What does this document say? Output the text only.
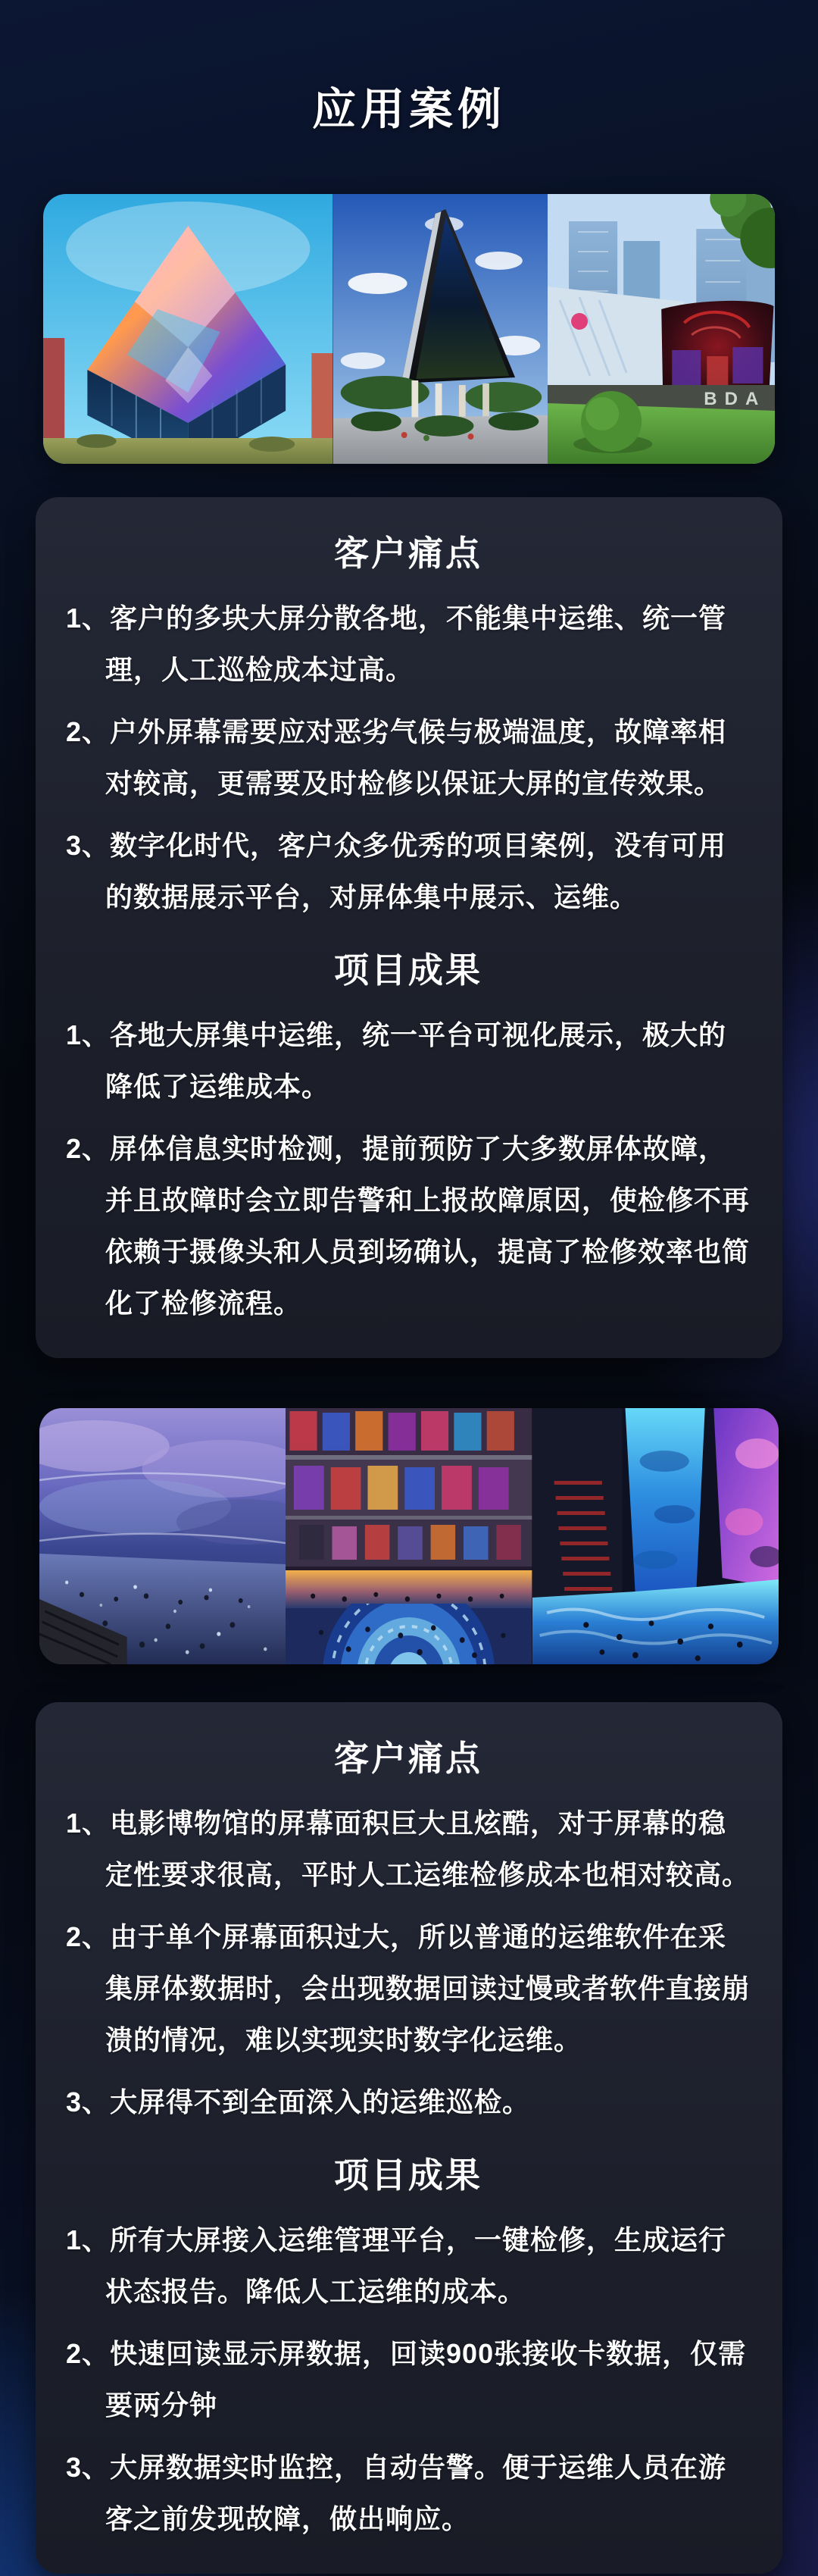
应用案例
BDA
客户痛点

1、客户的多块大屏分散各地，不能集中运维、统一管理，人工巡检成本过高。

2、户外屏幕需要应对恶劣气候与极端温度，故障率相对较高，更需要及时检修以保证大屏的宣传效果。

3、数字化时代，客户众多优秀的项目案例，没有可用的数据展示平台，对屏体集中展示、运维。

项目成果

1、各地大屏集中运维，统一平台可视化展示，极大的降低了运维成本。

2、屏体信息实时检测，提前预防了大多数屏体故障，并且故障时会立即告警和上报故障原因，使检修不再依赖于摄像头和人员到场确认，提高了检修效率也简化了检修流程。

客户痛点

1、电影博物馆的屏幕面积巨大且炫酷，对于屏幕的稳定性要求很高，平时人工运维检修成本也相对较高。

2、由于单个屏幕面积过大，所以普通的运维软件在采集屏体数据时，会出现数据回读过慢或者软件直接崩溃的情况，难以实现实时数字化运维。

3、大屏得不到全面深入的运维巡检。

项目成果

1、所有大屏接入运维管理平台，一键检修，生成运行状态报告。降低人工运维的成本。

2、快速回读显示屏数据，回读900张接收卡数据，仅需要两分钟

3、大屏数据实时监控，自动告警。便于运维人员在游客之前发现故障，做出响应。
